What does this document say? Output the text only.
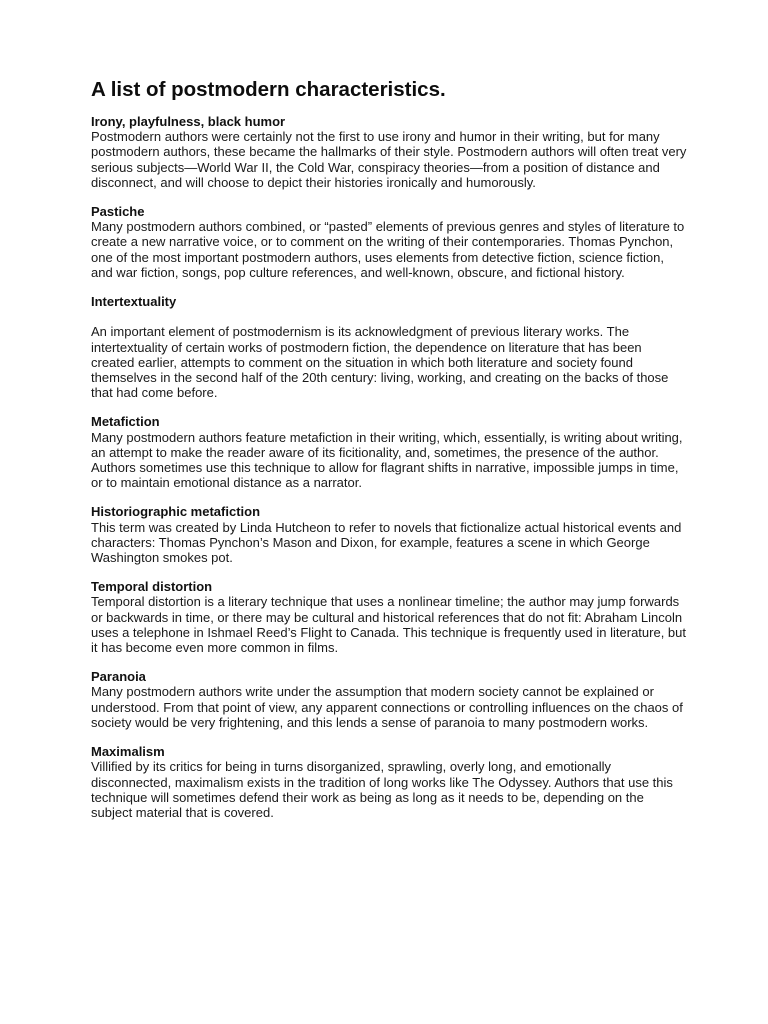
A list of postmodern characteristics.
Irony, playfulness, black humor

Postmodern authors were certainly not the first to use irony and humor in their writing, but for many postmodern authors, these became the hallmarks of their style. Postmodern authors will often treat very serious subjects—World War II, the Cold War, conspiracy theories—from a position of distance and disconnect, and will choose to depict their histories ironically and humorously.

Pastiche

Many postmodern authors combined, or “pasted” elements of previous genres and styles of literature to create a new narrative voice, or to comment on the writing of their contemporaries. Thomas Pynchon, one of the most important postmodern authors, uses elements from detective fiction, science fiction, and war fiction, songs, pop culture references, and well-known, obscure, and fictional history.

Intertextuality

An important element of postmodernism is its acknowledgment of previous literary works. The intertextuality of certain works of postmodern fiction, the dependence on literature that has been created earlier, attempts to comment on the situation in which both literature and society found themselves in the second half of the 20th century: living, working, and creating on the backs of those that had come before.

Metafiction

Many postmodern authors feature metafiction in their writing, which, essentially, is writing about writing, an attempt to make the reader aware of its ficitionality, and, sometimes, the presence of the author. Authors sometimes use this technique to allow for flagrant shifts in narrative, impossible jumps in time, or to maintain emotional distance as a narrator.

Historiographic metafiction

This term was created by Linda Hutcheon to refer to novels that fictionalize actual historical events and characters: Thomas Pynchon’s Mason and Dixon, for example, features a scene in which George Washington smokes pot.

Temporal distortion

Temporal distortion is a literary technique that uses a nonlinear timeline; the author may jump forwards or backwards in time, or there may be cultural and historical references that do not fit: Abraham Lincoln uses a telephone in Ishmael Reed’s Flight to Canada. This technique is frequently used in literature, but it has become even more common in films.

Paranoia

Many postmodern authors write under the assumption that modern society cannot be explained or understood. From that point of view, any apparent connections or controlling influences on the chaos of society would be very frightening, and this lends a sense of paranoia to many postmodern works.

Maximalism

Villified by its critics for being in turns disorganized, sprawling, overly long, and emotionally disconnected, maximalism exists in the tradition of long works like The Odyssey. Authors that use this technique will sometimes defend their work as being as long as it needs to be, depending on the subject material that is covered.
